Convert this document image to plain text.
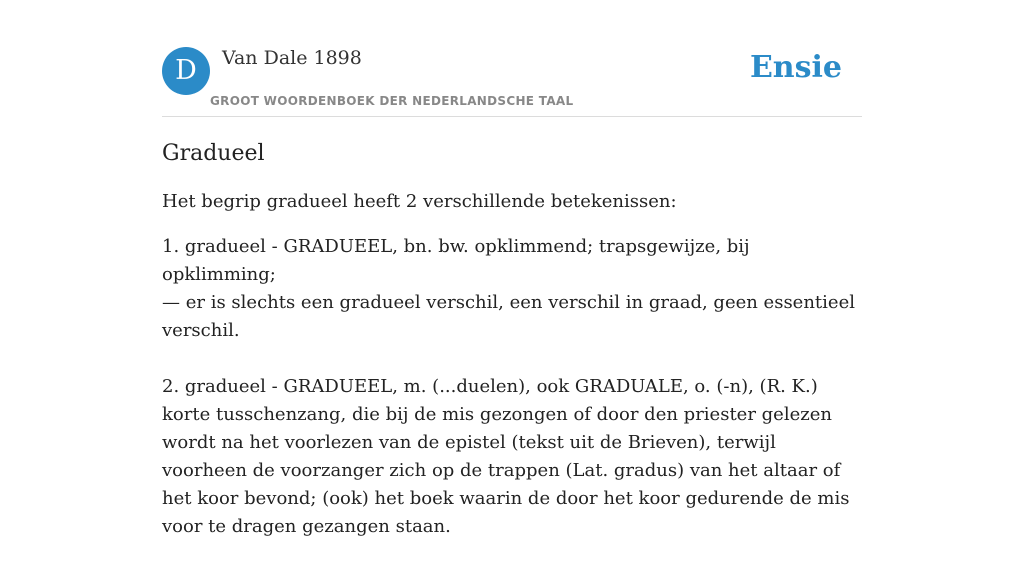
D	Van Dale 1898
GROOT WOORDENBOEK DER NEDERLANDSCHE TAAL
Ensie
Gradueel

Het begrip gradueel heeft 2 verschillende betekenissen:

1. gradueel - GRADUEEL, bn. bw. opklimmend; trapsgewijze, bij opklimming;
— er is slechts een gradueel verschil, een verschil in graad, geen essentieel verschil.

2. gradueel - GRADUEEL, m. (...duelen), ook GRADUALE, o. (-n), (R. K.) korte tusschenzang, die bij de mis gezongen of door den priester gelezen wordt na het voorlezen van de epistel (tekst uit de Brieven), terwijl voorheen de voorzanger zich op de trappen (Lat. gradus) van het altaar of het koor bevond; (ook) het boek waarin de door het koor gedurende de mis voor te dragen gezangen staan.
